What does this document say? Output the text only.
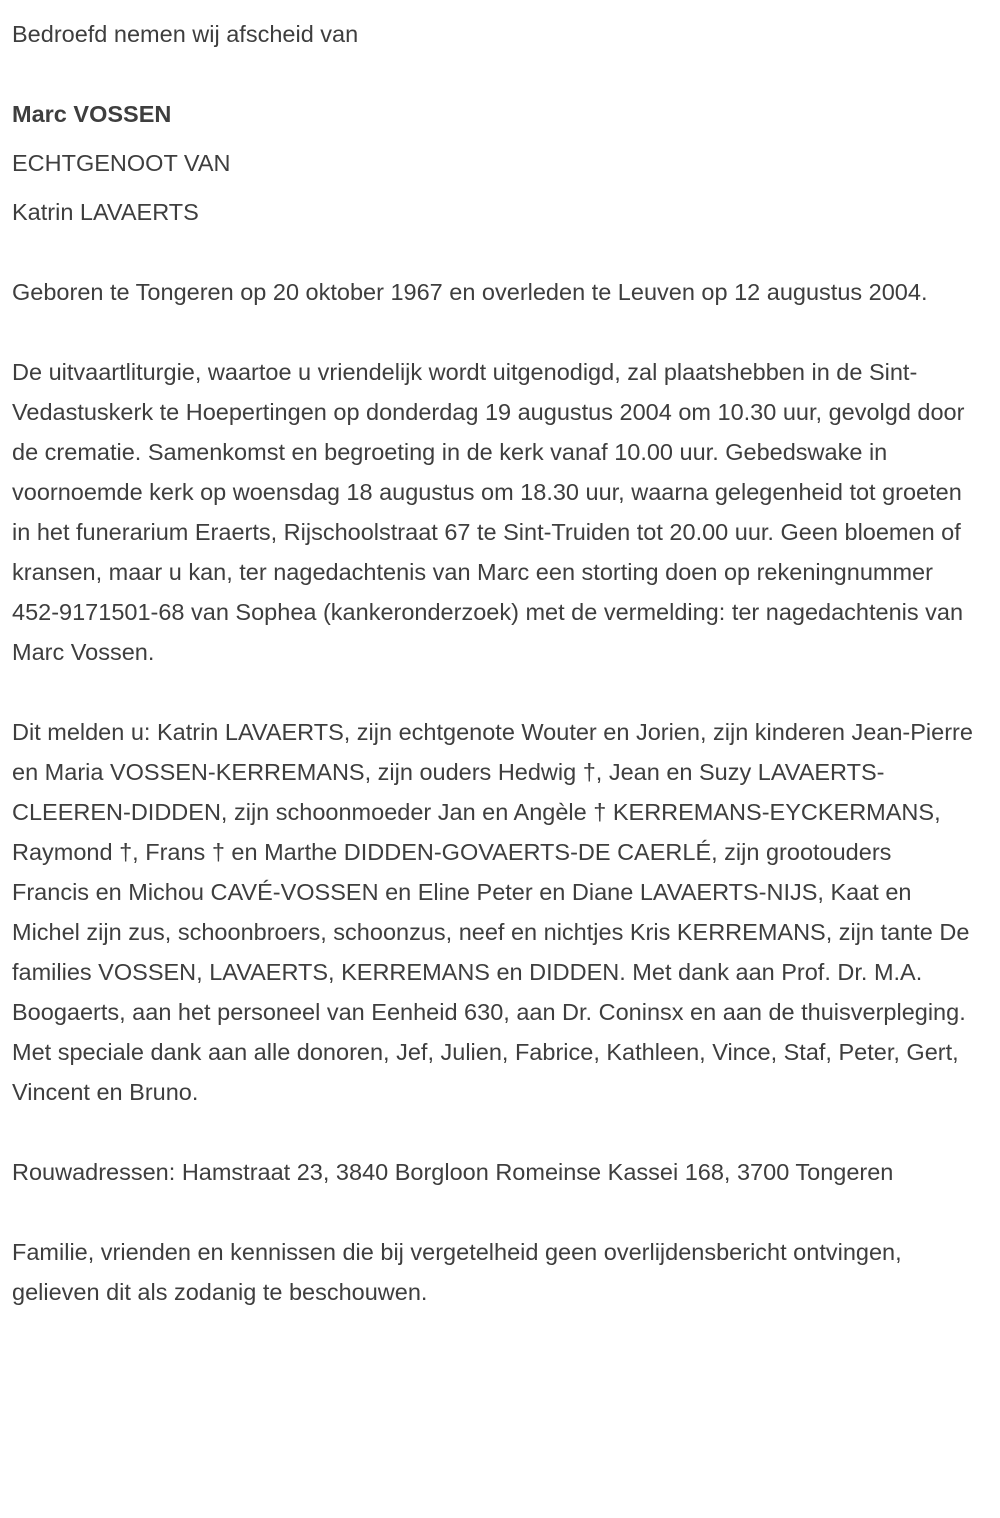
Bedroefd nemen wij afscheid van

Marc VOSSEN

ECHTGENOOT VAN

Katrin LAVAERTS

Geboren te Tongeren op 20 oktober 1967 en overleden te Leuven op 12 augustus 2004.

De uitvaartliturgie, waartoe u vriendelijk wordt uitgenodigd, zal plaatshebben in de Sint-Vedastuskerk te Hoepertingen op donderdag 19 augustus 2004 om 10.30 uur, gevolgd door de crematie. Samenkomst en begroeting in de kerk vanaf 10.00 uur. Gebedswake in voornoemde kerk op woensdag 18 augustus om 18.30 uur, waarna gelegenheid tot groeten in het funerarium Eraerts, Rijschoolstraat 67 te Sint-Truiden tot 20.00 uur. Geen bloemen of kransen, maar u kan, ter nagedachtenis van Marc een storting doen op rekeningnummer 452-9171501-68 van Sophea (kankeronderzoek) met de vermelding: ter nagedachtenis van Marc Vossen.

Dit melden u: Katrin LAVAERTS, zijn echtgenote Wouter en Jorien, zijn kinderen Jean-Pierre en Maria VOSSEN-KERREMANS, zijn ouders Hedwig †, Jean en Suzy LAVAERTS-CLEEREN-DIDDEN, zijn schoonmoeder Jan en Angèle † KERREMANS-EYCKERMANS, Raymond †, Frans † en Marthe DIDDEN-GOVAERTS-DE CAERLÉ, zijn grootouders Francis en Michou CAVÉ-VOSSEN en Eline Peter en Diane LAVAERTS-NIJS, Kaat en Michel zijn zus, schoonbroers, schoonzus, neef en nichtjes Kris KERREMANS, zijn tante De families VOSSEN, LAVAERTS, KERREMANS en DIDDEN. Met dank aan Prof. Dr. M.A. Boogaerts, aan het personeel van Eenheid 630, aan Dr. Coninsx en aan de thuisverpleging. Met speciale dank aan alle donoren, Jef, Julien, Fabrice, Kathleen, Vince, Staf, Peter, Gert, Vincent en Bruno.

Rouwadressen: Hamstraat 23, 3840 Borgloon Romeinse Kassei 168, 3700 Tongeren

Familie, vrienden en kennissen die bij vergetelheid geen overlijdensbericht ontvingen, gelieven dit als zodanig te beschouwen.
